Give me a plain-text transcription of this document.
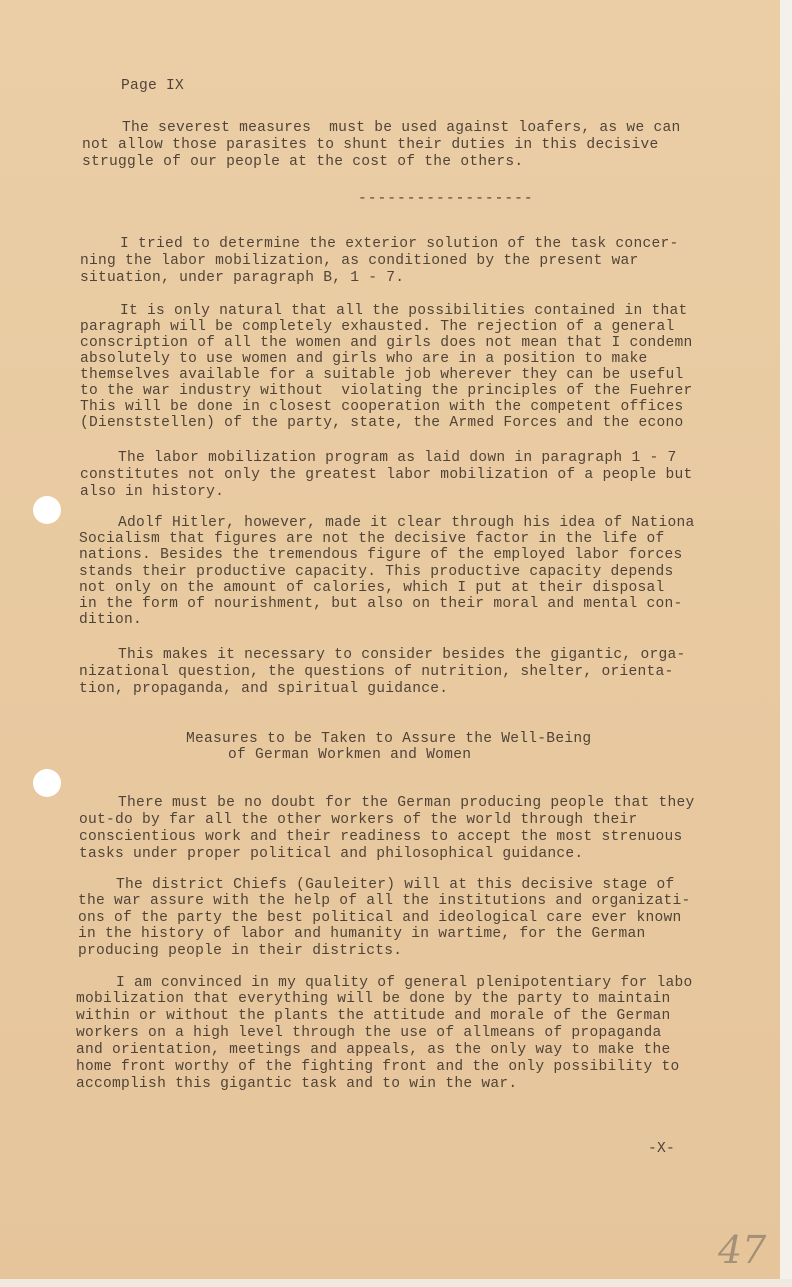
Page IX
The severest measures  must be used against loafers, as we can
not allow those parasites to shunt their duties in this decisive
struggle of our people at the cost of the others.
------------------
I tried to determine the exterior solution of the task concer-
ning the labor mobilization, as conditioned by the present war
situation, under paragraph B, 1 - 7.
It is only natural that all the possibilities contained in that
paragraph will be completely exhausted. The rejection of a general
conscription of all the women and girls does not mean that I condemn
absolutely to use women and girls who are in a position to make
themselves available for a suitable job wherever they can be useful
to the war industry without  violating the principles of the Fuehrer
This will be done in closest cooperation with the competent offices
(Dienststellen) of the party, state, the Armed Forces and the econo
The labor mobilization program as laid down in paragraph 1 - 7
constitutes not only the greatest labor mobilization of a people but
also in history.
Adolf Hitler, however, made it clear through his idea of Nationa
Socialism that figures are not the decisive factor in the life of
nations. Besides the tremendous figure of the employed labor forces
stands their productive capacity. This productive capacity depends
not only on the amount of calories, which I put at their disposal
in the form of nourishment, but also on their moral and mental con-
dition.
This makes it necessary to consider besides the gigantic, orga-
nizational question, the questions of nutrition, shelter, orienta-
tion, propaganda, and spiritual guidance.
Measures to be Taken to Assure the Well-Being
of German Workmen and Women
There must be no doubt for the German producing people that they
out-do by far all the other workers of the world through their
conscientious work and their readiness to accept the most strenuous
tasks under proper political and philosophical guidance.
The district Chiefs (Gauleiter) will at this decisive stage of
the war assure with the help of all the institutions and organizati-
ons of the party the best political and ideological care ever known
in the history of labor and humanity in wartime, for the German
producing people in their districts.
I am convinced in my quality of general plenipotentiary for labo
mobilization that everything will be done by the party to maintain
within or without the plants the attitude and morale of the German
workers on a high level through the use of allmeans of propaganda
and orientation, meetings and appeals, as the only way to make the
home front worthy of the fighting front and the only possibility to
accomplish this gigantic task and to win the war.
-X-
47
